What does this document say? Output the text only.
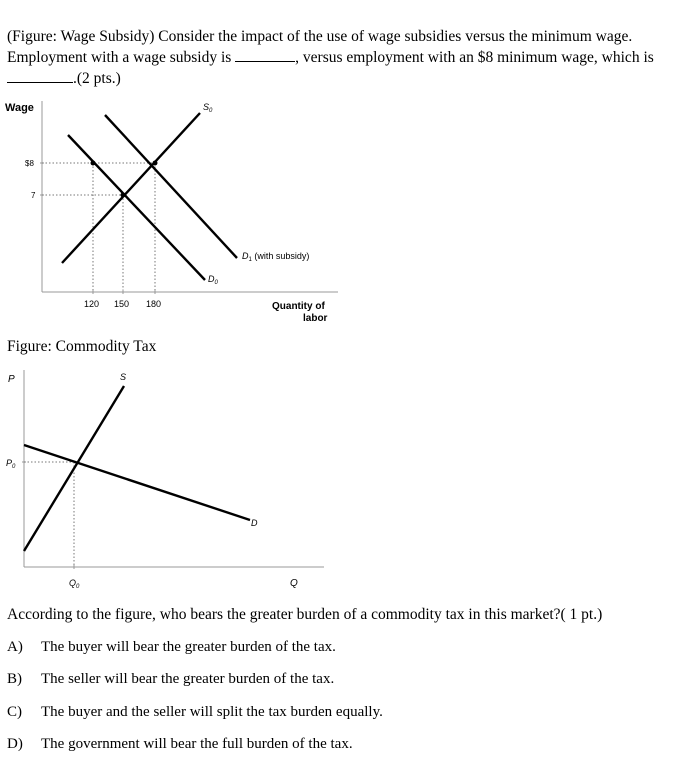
(Figure: Wage Subsidy) Consider the impact of the use of wage subsidies versus the minimum wage. Employment with a wage subsidy is	, versus employment with an $8 minimum wage, which is .(2 pts.)
Wage
$8
7
120 150 180
$S_0$
$D_0$
$D_1$ (with subsidy)
Quantity of
labor
Figure: Commodity Tax
P
$P_0$
S
D
$Q_0$	Q
According to the figure, who bears the greater burden of a commodity tax in this market?( 1 pt.)
A) The buyer will bear the greater burden of the tax.
B) The seller will bear the greater burden of the tax.
C) The buyer and the seller will split the tax burden equally.
D) The government will bear the full burden of the tax.
